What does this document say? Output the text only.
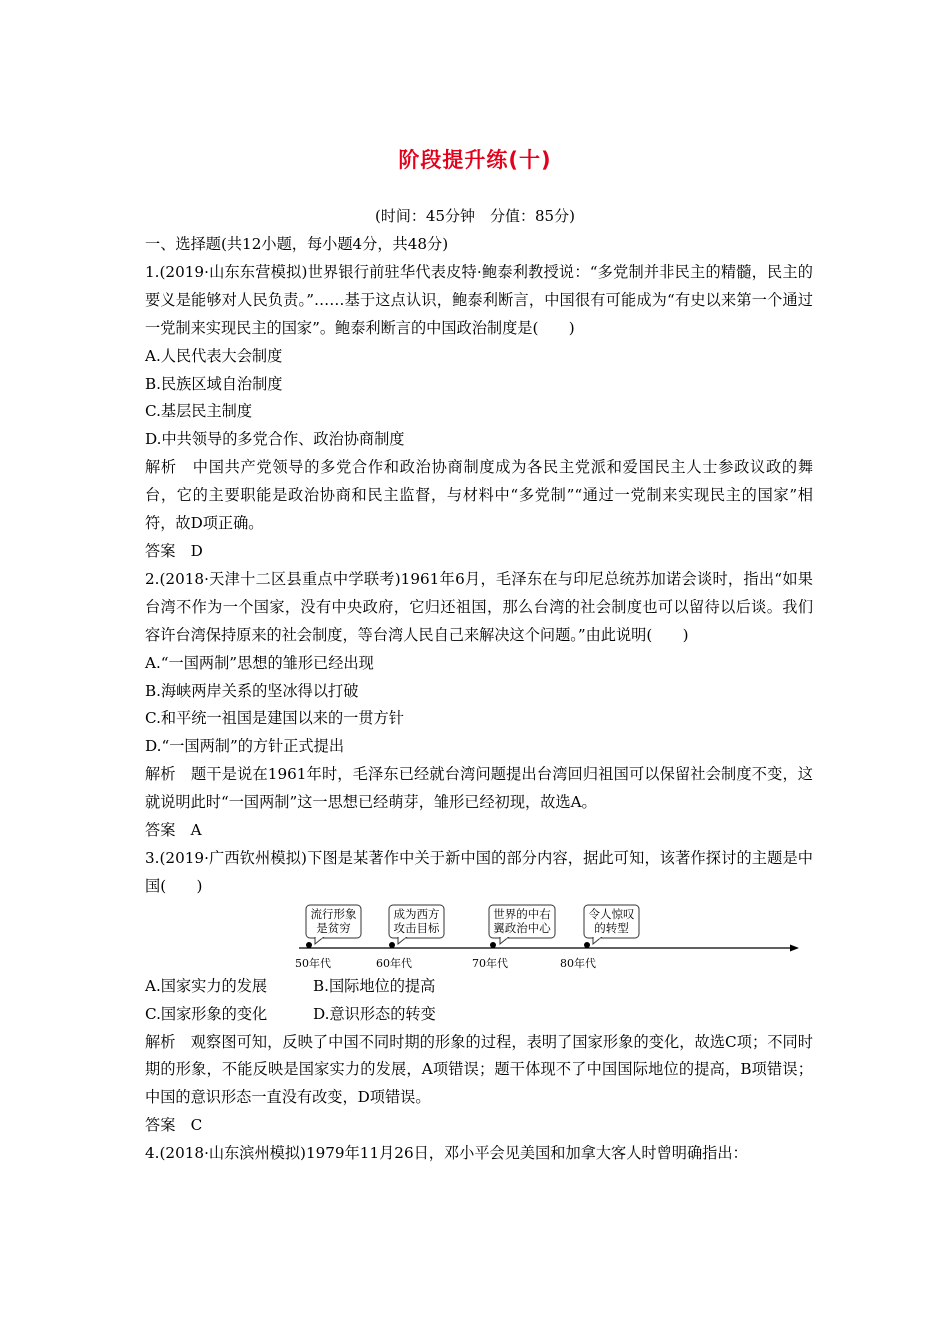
阶段提升练(十)
(时间：45分钟　分值：85分)

一、选择题(共12小题，每小题4分，共48分)

1.(2019·山东东营模拟)世界银行前驻华代表皮特·鲍泰利教授说：“多党制并非民主的精髓，民主的要义是能够对人民负责。”……基于这点认识，鲍泰利断言，中国很有可能成为“有史以来第一个通过一党制来实现民主的国家”。鲍泰利断言的中国政治制度是(　　)

A.人民代表大会制度

B.民族区域自治制度

C.基层民主制度

D.中共领导的多党合作、政治协商制度

解析　中国共产党领导的多党合作和政治协商制度成为各民主党派和爱国民主人士参政议政的舞台，它的主要职能是政治协商和民主监督，与材料中“多党制”“通过一党制来实现民主的国家”相符，故D项正确。

答案　D

2.(2018·天津十二区县重点中学联考)1961年6月，毛泽东在与印尼总统苏加诺会谈时，指出“如果台湾不作为一个国家，没有中央政府，它归还祖国，那么台湾的社会制度也可以留待以后谈。我们容许台湾保持原来的社会制度，等台湾人民自己来解决这个问题。”由此说明(　　)

A.“一国两制”思想的雏形已经出现

B.海峡两岸关系的坚冰得以打破

C.和平统一祖国是建国以来的一贯方针

D.“一国两制”的方针正式提出

解析　题干是说在1961年时，毛泽东已经就台湾问题提出台湾回归祖国可以保留社会制度不变，这就说明此时“一国两制”这一思想已经萌芽，雏形已经初现，故选A。

答案　A

3.(2019·广西钦州模拟)下图是某著作中关于新中国的部分内容，据此可知，该著作探讨的主题是中国(　　)

流行形象
是贫穷
成为西方
攻击目标
世界的中右
翼政治中心
令人惊叹
的转型
50年代	60年代	70年代	80年代

A.国家实力的发展	B.国际地位的提高

C.国家形象的变化	D.意识形态的转变

解析　观察图可知，反映了中国不同时期的形象的过程，表明了国家形象的变化，故选C项；不同时期的形象，不能反映是国家实力的发展，A项错误；题干体现不了中国国际地位的提高，B项错误；中国的意识形态一直没有改变，D项错误。

答案　C

4.(2018·山东滨州模拟)1979年11月26日，邓小平会见美国和加拿大客人时曾明确指出：
